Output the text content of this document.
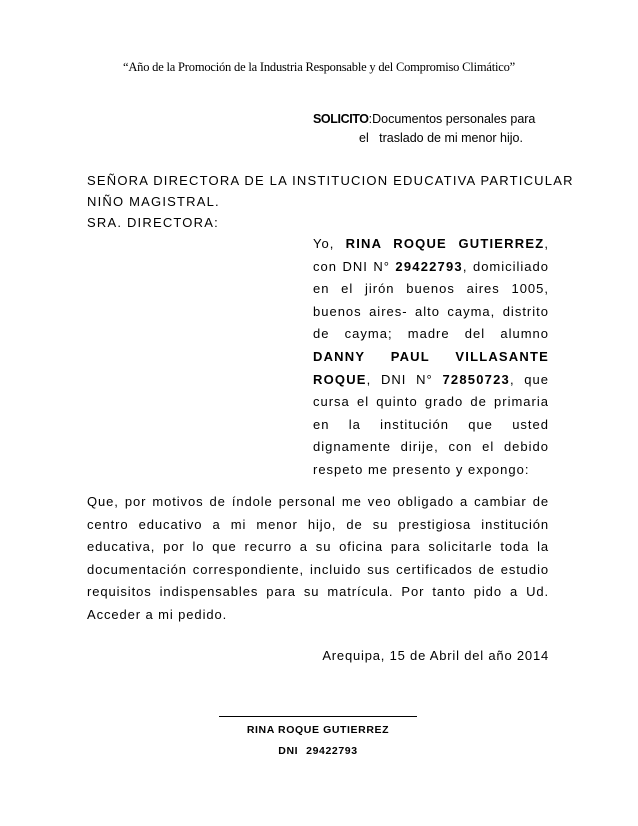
“Año de la Promoción de la Industria Responsable y del Compromiso Climático”
SOLICITO:Documentos personales para
el   traslado de mi menor hijo.
SEÑORA DIRECTORA DE LA INSTITUCION EDUCATIVA PARTICULAR
NIÑO MAGISTRAL.
SRA. DIRECTORA:
Yo, RINA ROQUE GUTIERREZ, con DNI N° 29422793, domiciliado en el jirón buenos aires 1005, buenos aires- alto cayma, distrito de cayma; madre del alumno DANNY PAUL VILLASANTE ROQUE, DNI N° 72850723, que cursa el quinto grado de primaria en la institución que usted dignamente dirije, con el debido respeto me presento y expongo:
Que, por motivos de índole personal me veo obligado a cambiar de centro educativo a mi menor hijo, de su prestigiosa institución educativa, por lo que recurro a su oficina para solicitarle toda la documentación correspondiente, incluido sus certificados de estudio requisitos indispensables para su matrícula. Por tanto pido a Ud. Acceder a mi pedido.
Arequipa, 15 de Abril del año 2014
RINA ROQUE GUTIERREZ
DNI 29422793
